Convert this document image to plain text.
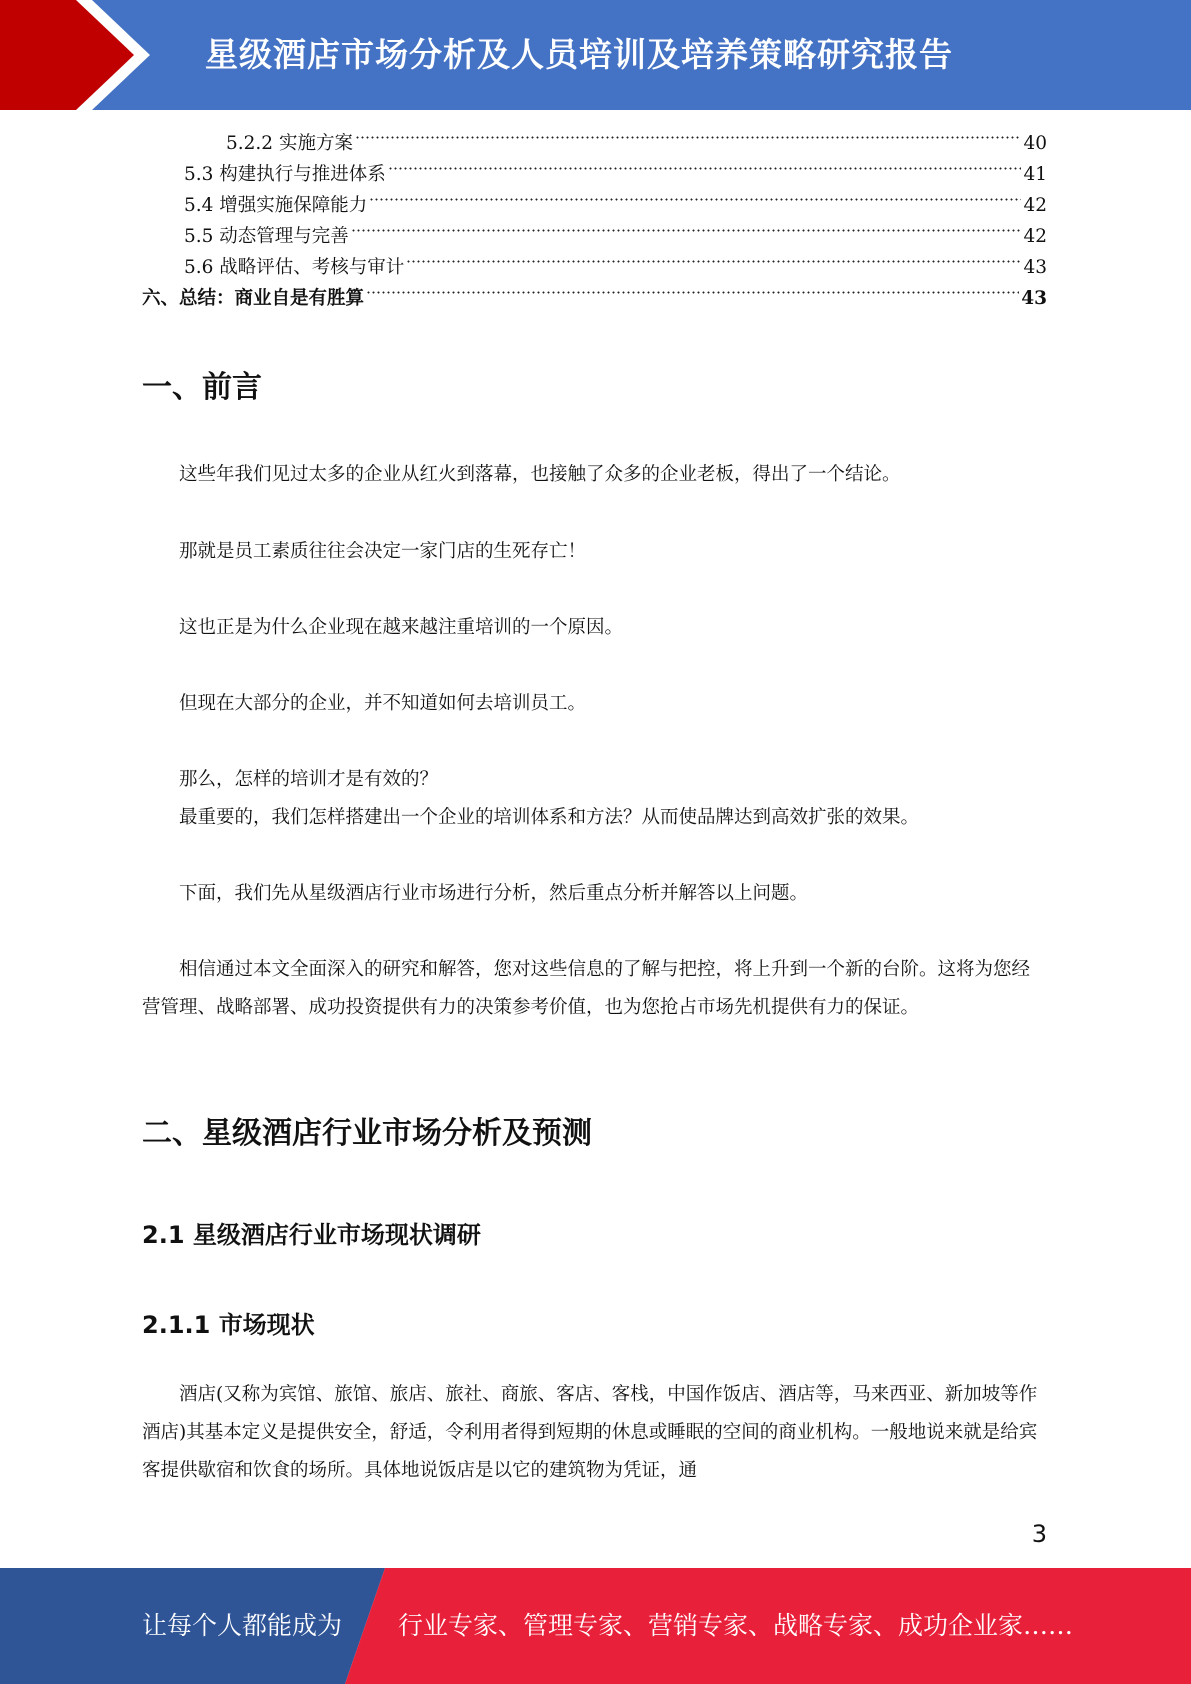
星级酒店市场分析及人员培训及培养策略研究报告
5.2.2 实施方案	40
5.3 构建执行与推进体系	41
5.4 增强实施保障能力	42
5.5 动态管理与完善	42
5.6 战略评估、考核与审计	43
六、总结：商业自是有胜算	43
一、前言

这些年我们见过太多的企业从红火到落幕，也接触了众多的企业老板，得出了一个结论。

那就是员工素质往往会决定一家门店的生死存亡！

这也正是为什么企业现在越来越注重培训的一个原因。

但现在大部分的企业，并不知道如何去培训员工。

那么，怎样的培训才是有效的？

最重要的，我们怎样搭建出一个企业的培训体系和方法？从而使品牌达到高效扩张的效果。

下面，我们先从星级酒店行业市场进行分析，然后重点分析并解答以上问题。

相信通过本文全面深入的研究和解答，您对这些信息的了解与把控，将上升到一个新的台阶。这将为您经营管理、战略部署、成功投资提供有力的决策参考价值，也为您抢占市场先机提供有力的保证。

二、星级酒店行业市场分析及预测
2.1 星级酒店行业市场现状调研
2.1.1 市场现状

酒店(又称为宾馆、旅馆、旅店、旅社、商旅、客店、客栈，中国作饭店、酒店等，马来西亚、新加坡等作酒店)其基本定义是提供安全，舒适，令利用者得到短期的休息或睡眠的空间的商业机构。一般地说来就是给宾客提供歇宿和饮食的场所。具体地说饭店是以它的建筑物为凭证，通

3
让每个人都能成为 行业专家、管理专家、营销专家、战略专家、成功企业家……
